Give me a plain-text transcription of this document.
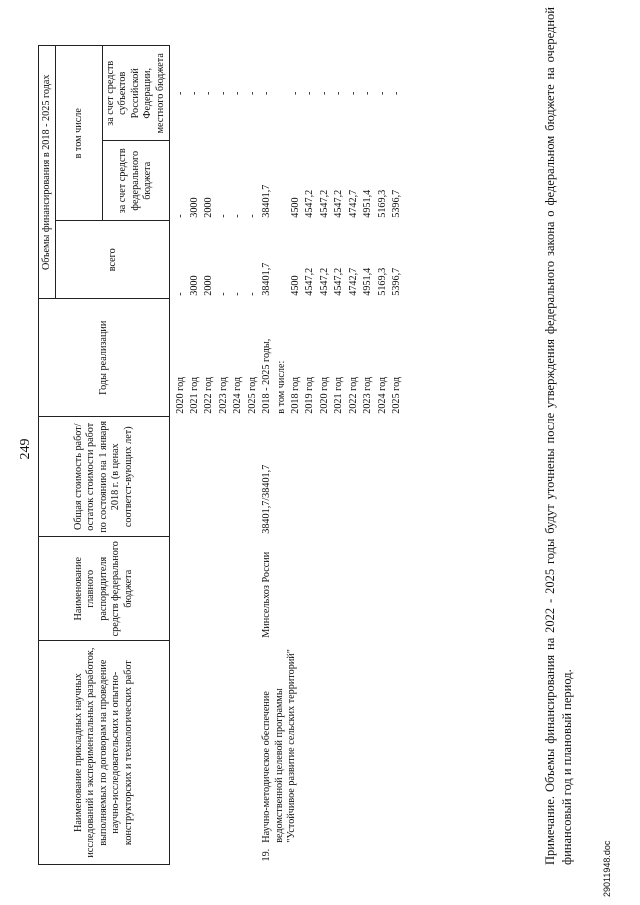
249
Наименование прикладных научных исследований и экспериментальных разработок, выполняемых по договорам на проведение научно-исследовательских и опытно-конструкторских и технологических работ		Наименование главного распорядителя средств федерального бюджета	Общая стоимость работ/остаток стоимости работ по состоянию на 1 января 2018 г. (в ценах соответст-вующих лет)	Годы реализации	Объемы финансирования в 2018 - 2025 годах		
					всего	в том числе	
						за счет средств федерального бюджета	за счет средств субъектов Российской Федерации, местного бюджета

				2020 год	-	-	-
				2021 год	3000	3000	-
				2022 год	2000	2000	-
				2023 год	-	-	-
				2024 год	-	-	-
				2025 год	-	-	-
19.	Научно-методическое обеспечение ведомственной целевой программы "Устойчивое развитие сельских территорий"	Минсельхоз России	38401,7/38401,7	2018 - 2025 годы,	38401,7	38401,7	-
				в том числе:			
				2018 год	4500	4500	-
				2019 год	4547,2	4547,2	-
				2020 год	4547,2	4547,2	-
				2021 год	4547,2	4547,2	-
				2022 год	4742,7	4742,7	-
				2023 год	4951,4	4951,4	-
				2024 год	5169,3	5169,3	-
				2025 год	5396,7	5396,7	-
Примечание.Объемы финансирования на 2022 - 2025 годы будут уточнены после утверждения федерального закона о федеральном бюджете на очередной финансовый год и плановый период.
29011948.doc
